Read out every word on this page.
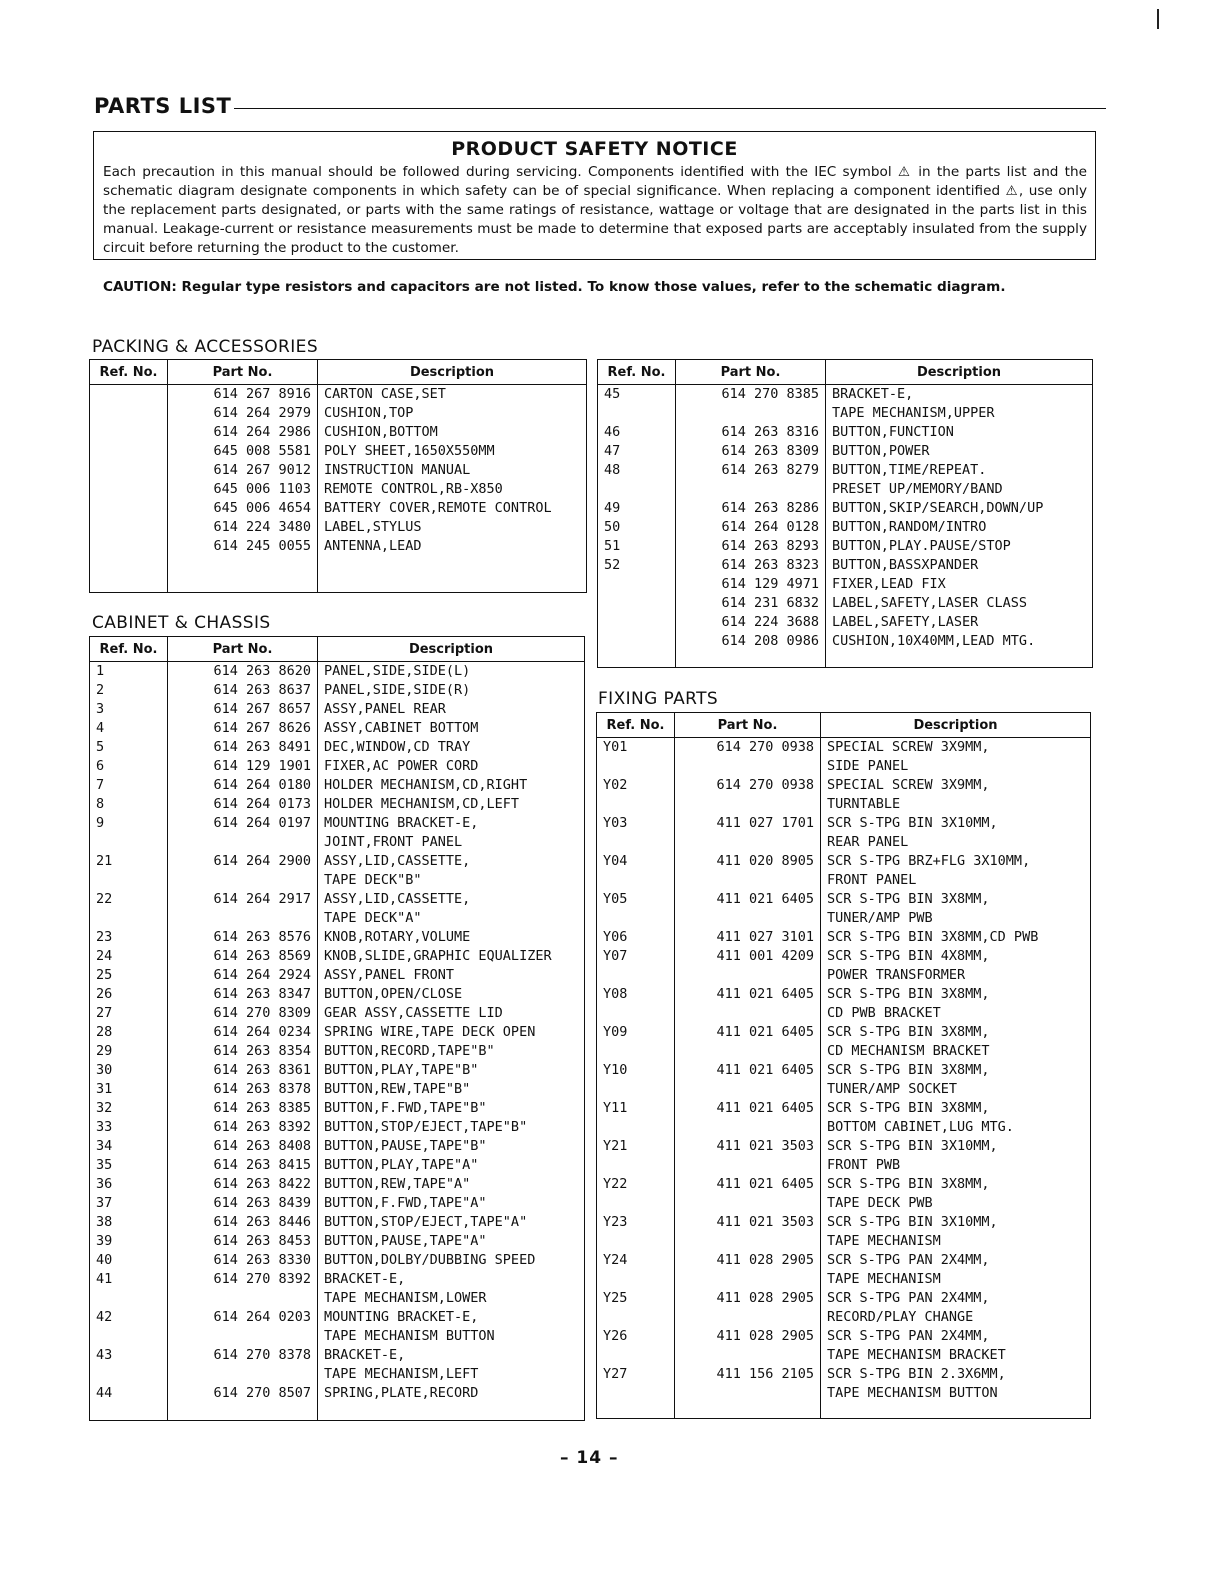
PARTS LIST
PRODUCT SAFETY NOTICE
Each precaution in this manual should be followed during servicing. Components identified with the IEC symbol ⚠ in the parts list and the schematic diagram designate components in which safety can be of special significance. When replacing a component identified ⚠, use only the replacement parts designated, or parts with the same ratings of resistance, wattage or voltage that are designated in the parts list in this manual. Leakage-current or resistance measurements must be made to determine that exposed parts are acceptably insulated from the supply circuit before returning the product to the customer.
CAUTION: Regular type resistors and capacitors are not listed. To know those values, refer to the schematic diagram.
PACKING & ACCESSORIES
Ref. No.	Part No.	Description
	614 267 8916	CARTON CASE,SET
	614 264 2979	CUSHION,TOP
	614 264 2986	CUSHION,BOTTOM
	645 008 5581	POLY SHEET,1650X550MM
	614 267 9012	INSTRUCTION MANUAL
	645 006 1103	REMOTE CONTROL,RB-X850
	645 006 4654	BATTERY COVER,REMOTE CONTROL
	614 224 3480	LABEL,STYLUS
	614 245 0055	ANTENNA,LEAD

CABINET & CHASSIS
Ref. No.	Part No.	Description
1	614 263 8620	PANEL,SIDE,SIDE(L)
2	614 263 8637	PANEL,SIDE,SIDE(R)
3	614 267 8657	ASSY,PANEL REAR
4	614 267 8626	ASSY,CABINET BOTTOM
5	614 263 8491	DEC,WINDOW,CD TRAY
6	614 129 1901	FIXER,AC POWER CORD
7	614 264 0180	HOLDER MECHANISM,CD,RIGHT
8	614 264 0173	HOLDER MECHANISM,CD,LEFT
9	614 264 0197	MOUNTING BRACKET-E,
		JOINT,FRONT PANEL
21	614 264 2900	ASSY,LID,CASSETTE,
		TAPE DECK"B"
22	614 264 2917	ASSY,LID,CASSETTE,
		TAPE DECK"A"
23	614 263 8576	KNOB,ROTARY,VOLUME
24	614 263 8569	KNOB,SLIDE,GRAPHIC EQUALIZER
25	614 264 2924	ASSY,PANEL FRONT
26	614 263 8347	BUTTON,OPEN/CLOSE
27	614 270 8309	GEAR ASSY,CASSETTE LID
28	614 264 0234	SPRING WIRE,TAPE DECK OPEN
29	614 263 8354	BUTTON,RECORD,TAPE"B"
30	614 263 8361	BUTTON,PLAY,TAPE"B"
31	614 263 8378	BUTTON,REW,TAPE"B"
32	614 263 8385	BUTTON,F.FWD,TAPE"B"
33	614 263 8392	BUTTON,STOP/EJECT,TAPE"B"
34	614 263 8408	BUTTON,PAUSE,TAPE"B"
35	614 263 8415	BUTTON,PLAY,TAPE"A"
36	614 263 8422	BUTTON,REW,TAPE"A"
37	614 263 8439	BUTTON,F.FWD,TAPE"A"
38	614 263 8446	BUTTON,STOP/EJECT,TAPE"A"
39	614 263 8453	BUTTON,PAUSE,TAPE"A"
40	614 263 8330	BUTTON,DOLBY/DUBBING SPEED
41	614 270 8392	BRACKET-E,
		TAPE MECHANISM,LOWER
42	614 264 0203	MOUNTING BRACKET-E,
		TAPE MECHANISM BUTTON
43	614 270 8378	BRACKET-E,
		TAPE MECHANISM,LEFT
44	614 270 8507	SPRING,PLATE,RECORD

Ref. No.	Part No.	Description
45	614 270 8385	BRACKET-E,
		TAPE MECHANISM,UPPER
46	614 263 8316	BUTTON,FUNCTION
47	614 263 8309	BUTTON,POWER
48	614 263 8279	BUTTON,TIME/REPEAT.
		PRESET UP/MEMORY/BAND
49	614 263 8286	BUTTON,SKIP/SEARCH,DOWN/UP
50	614 264 0128	BUTTON,RANDOM/INTRO
51	614 263 8293	BUTTON,PLAY.PAUSE/STOP
52	614 263 8323	BUTTON,BASSXPANDER
	614 129 4971	FIXER,LEAD FIX
	614 231 6832	LABEL,SAFETY,LASER CLASS
	614 224 3688	LABEL,SAFETY,LASER
	614 208 0986	CUSHION,10X40MM,LEAD MTG.

FIXING PARTS
Ref. No.	Part No.	Description
Y01	614 270 0938	SPECIAL SCREW 3X9MM,
		SIDE PANEL
Y02	614 270 0938	SPECIAL SCREW 3X9MM,
		TURNTABLE
Y03	411 027 1701	SCR S-TPG BIN 3X10MM,
		REAR PANEL
Y04	411 020 8905	SCR S-TPG BRZ+FLG 3X10MM,
		FRONT PANEL
Y05	411 021 6405	SCR S-TPG BIN 3X8MM,
		TUNER/AMP PWB
Y06	411 027 3101	SCR S-TPG BIN 3X8MM,CD PWB
Y07	411 001 4209	SCR S-TPG BIN 4X8MM,
		POWER TRANSFORMER
Y08	411 021 6405	SCR S-TPG BIN 3X8MM,
		CD PWB BRACKET
Y09	411 021 6405	SCR S-TPG BIN 3X8MM,
		CD MECHANISM BRACKET
Y10	411 021 6405	SCR S-TPG BIN 3X8MM,
		TUNER/AMP SOCKET
Y11	411 021 6405	SCR S-TPG BIN 3X8MM,
		BOTTOM CABINET,LUG MTG.
Y21	411 021 3503	SCR S-TPG BIN 3X10MM,
		FRONT PWB
Y22	411 021 6405	SCR S-TPG BIN 3X8MM,
		TAPE DECK PWB
Y23	411 021 3503	SCR S-TPG BIN 3X10MM,
		TAPE MECHANISM
Y24	411 028 2905	SCR S-TPG PAN 2X4MM,
		TAPE MECHANISM
Y25	411 028 2905	SCR S-TPG PAN 2X4MM,
		RECORD/PLAY CHANGE
Y26	411 028 2905	SCR S-TPG PAN 2X4MM,
		TAPE MECHANISM BRACKET
Y27	411 156 2105	SCR S-TPG BIN 2.3X6MM,
		TAPE MECHANISM BUTTON

– 14 –
